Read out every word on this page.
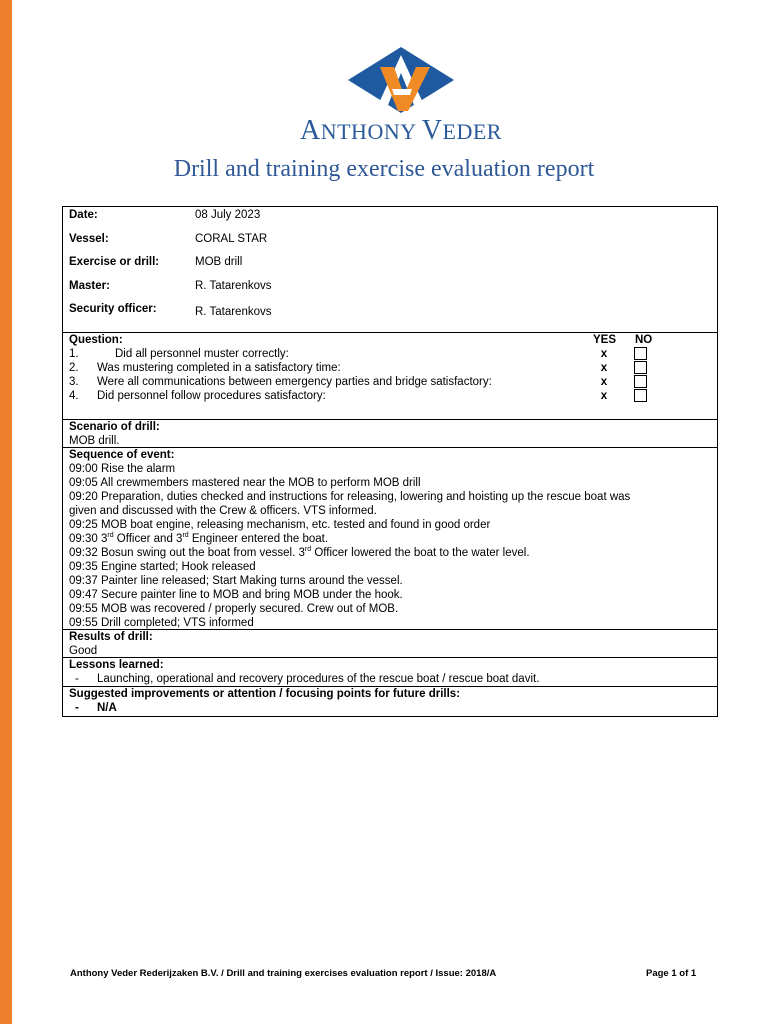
ANTHONY VEDER
Drill and training exercise evaluation report
Date:	08 July 2023
Vessel:	CORAL STAR
Exercise or drill:	MOB drill
Master:	R. Tatarenkovs
Security officer:	R. Tatarenkovs
Question:	YES NO
1.	Did all personnel muster correctly:	x
2. Was mustering completed in a satisfactory time:	x
3. Were all communications between emergency parties and bridge satisfactory:	x
4. Did personnel follow procedures satisfactory:	x
Scenario of drill:
MOB drill.
Sequence of event:
09:00 Rise the alarm
09:05 All crewmembers mastered near the MOB to perform MOB drill
09:20 Preparation, duties checked and instructions for releasing, lowering and hoisting up the rescue boat was
given and discussed with the Crew & officers. VTS informed.
09:25 MOB boat engine, releasing mechanism, etc. tested and found in good order
09:30 3rd Officer and 3rd Engineer entered the boat.
09:32 Bosun swing out the boat from vessel. 3rd Officer lowered the boat to the water level.
09:35 Engine started; Hook released
09:37 Painter line released; Start Making turns around the vessel.
09:47 Secure painter line to MOB and bring MOB under the hook.
09:55 MOB was recovered / properly secured. Crew out of MOB.
09:55 Drill completed; VTS informed
Results of drill:
Good
Lessons learned:
- Launching, operational and recovery procedures of the rescue boat / rescue boat davit.
Suggested improvements or attention / focusing points for future drills:
- N/A
Anthony Veder Rederijzaken B.V. / Drill and training exercises evaluation report / Issue: 2018/A	Page 1 of 1
